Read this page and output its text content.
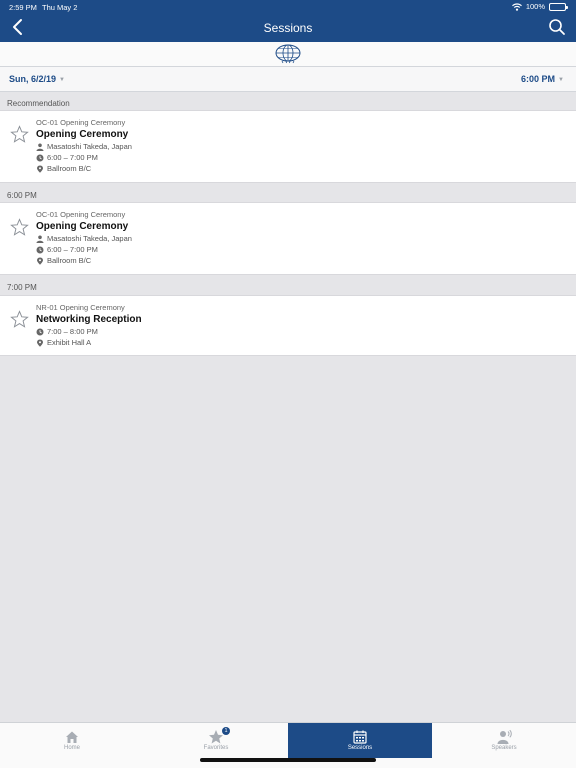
2:59 PM Thu May 2	100%
Sessions
Sun, 6/2/19 ▼	6:00 PM ▼
Recommendation
OC-01 Opening Ceremony
Opening Ceremony
Masatoshi Takeda, Japan
6:00 – 7:00 PM
Ballroom B/C
6:00 PM
OC-01 Opening Ceremony
Opening Ceremony
Masatoshi Takeda, Japan
6:00 – 7:00 PM
Ballroom B/C
7:00 PM
NR-01 Opening Ceremony
Networking Reception
7:00 – 8:00 PM
Exhibit Hall A
Home
1
Favorites	Sessions	Speakers
